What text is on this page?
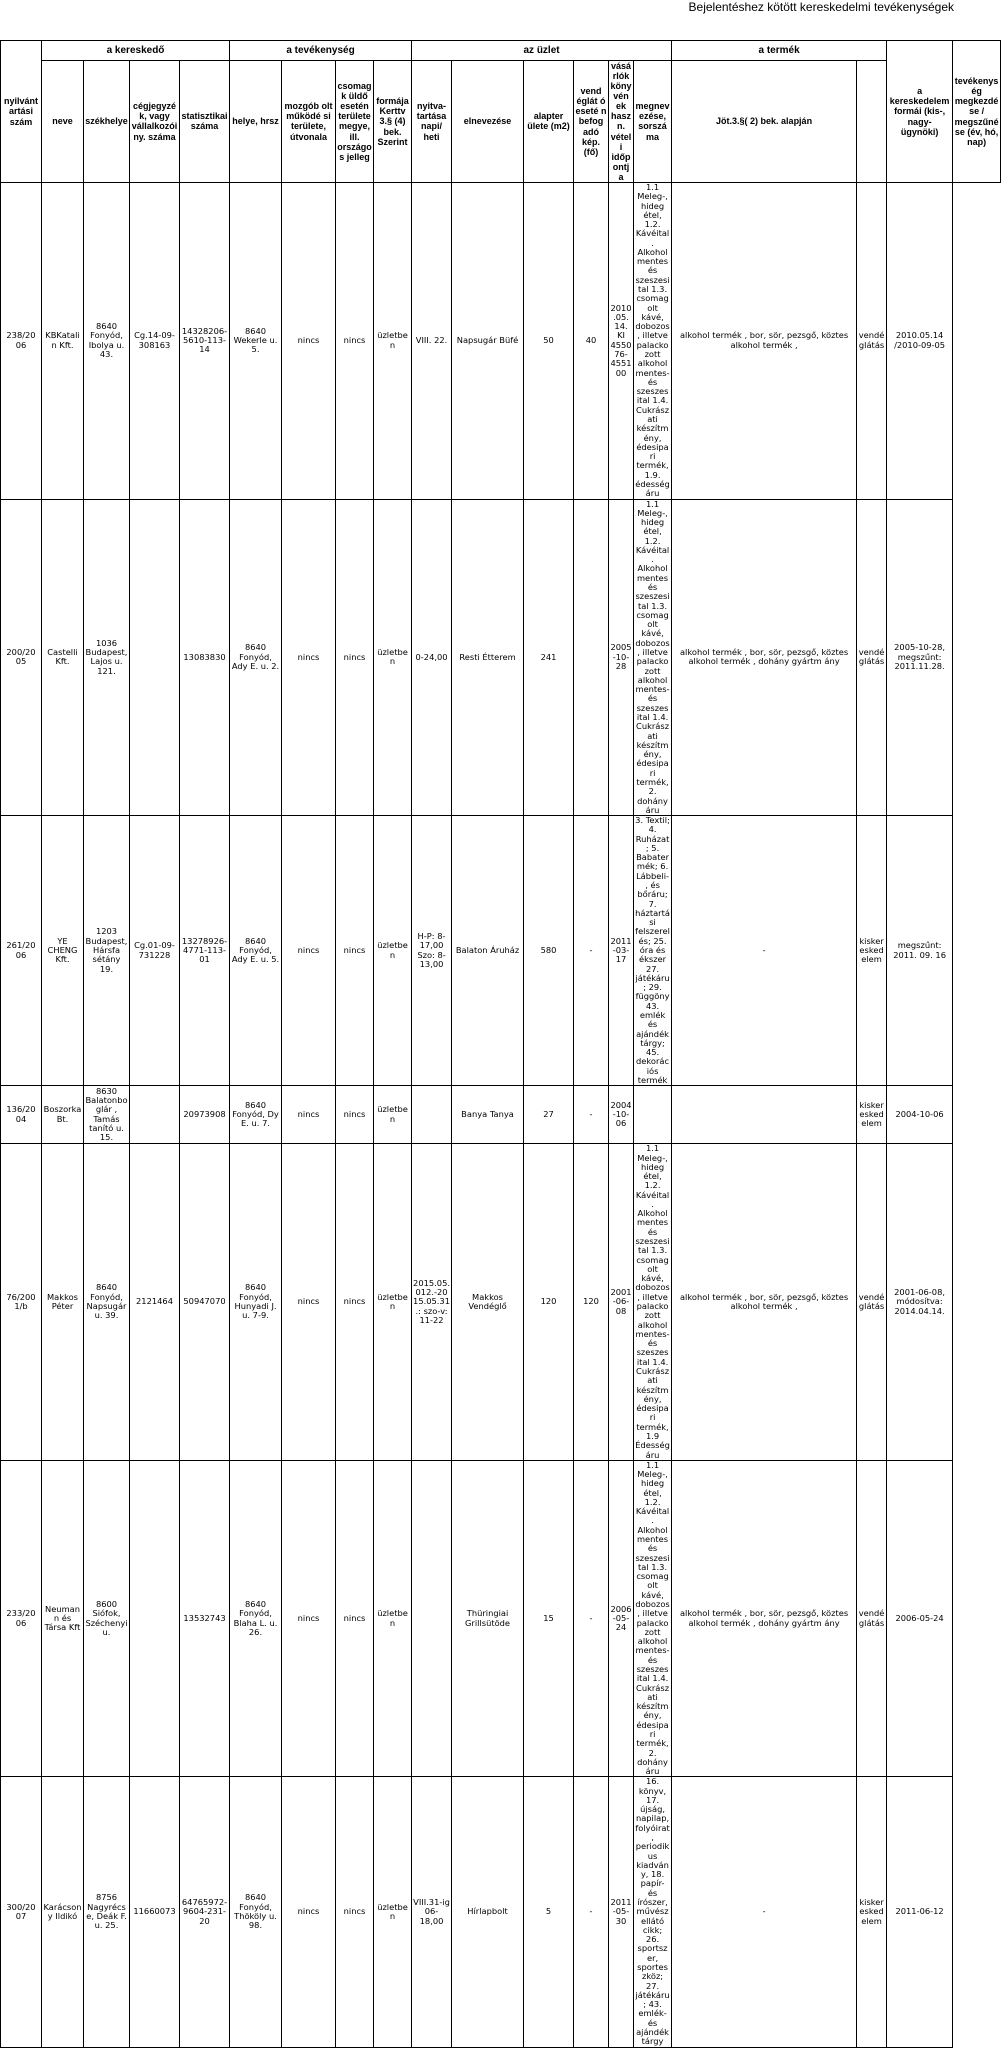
Bejelentéshez kötött kereskedelmi tevékenységek
nyilvánt artási szám	a kereskedő				a tevékenység				az üzlet						a termék		a kereskedelem formái (kis-, nagy- ügynöki)	tevékenys ég megkezdé se / megszűné se (év, hó, nap)
	neve	székhelye	cégjegyzék, vagy vállalkozói ny. száma	statisztikai száma	helye, hrsz	mozgób olt működé si területe, útvonala	csomagk üldő esetén területe megye, ill. országos jelleg	formája Kerttv 3.§ (4) bek. Szerint	nyitva-tartása napi/ heti	elnevezése	alapter ülete (m2)	vend églát ó eseté n befog adó kép. (fő)	vásárlók könyvén ek haszn. vételi időpontj a	megnevezése, sorszáma	Jöt.3.§( 2) bek. alapján			
238/20 06	KBKatalin Kft.	8640 Fonyód, Ibolya u. 43.	Cg.14-09-308163	14328206-5610-113-14	8640 Wekerle u. 5.	nincs	nincs	üzletben	VIII. 22.	Napsugár Büfé	50	40	2010.05. 14. KI 455076-455100	1.1 Meleg-, hideg étel, 1.2. Kávéital. Alkoholmentes és szeszesital 1.3. csomagolt kávé, dobozos, illetve palackozott alkoholmentes- és szeszes ital 1.4. Cukrászati készítmény, édesipari termék, 1.9. édességáru	alkohol termék , bor, sör, pezsgő, köztes alkohol termék ,	vendéglátás	2010.05.14 /2010-09-05	
200/20 05	Castelli Kft.	1036 Budapest, Lajos u. 121.		13083830	8640 Fonyód, Ady E. u. 2.	nincs	nincs	üzletben	0-24,00	Resti Étterem	241		2005-10-28	1.1 Meleg-, hideg étel, 1.2. Kávéital. Alkoholmentes és szeszesital 1.3. csomagolt kávé, dobozos, illetve palackozott alkoholmentes- és szeszes ital 1.4. Cukrászati készítmény, édesipari termék, 2. dohányáru	alkohol termék , bor, sör, pezsgő, köztes alkohol termék , dohány gyártm ány	vendéglátás	2005-10-28, megszűnt: 2011.11.28.	
261/20 06	YE CHENG Kft.	1203 Budapest, Hársfa sétány 19.	Cg.01-09-731228	13278926-4771-113-01	8640 Fonyód, Ady E. u. 5.	nincs	nincs	üzletben	H-P: 8-17,00 Szo: 8-13,00	Balaton Áruház	580	-	2011-03-17	3. Textil; 4. Ruházat; 5. Babatermék; 6. Lábbeli-, és bőráru; 7. háztartási felszerelés; 25. óra és ékszer 27. játékáru; 29. függöny 43. emlék és ajándéktárgy; 45. dekorációs termék	-	kiskereskedelem	megszűnt: 2011. 09. 16	
136/20 04	Boszorka Bt.	8630 Balatonboglár , Tamás tanító u. 15.		20973908	8640 Fonyód, Dy E. u. 7.	nincs	nincs	üzletben		Banya Tanya	27	-	2004-10-06			kiskereskedelem	2004-10-06	
76/200 1/b	Makkos Péter	8640 Fonyód, Napsugár u. 39.	2121464	50947070	8640 Fonyód, Hunyadi J. u. 7-9.	nincs	nincs	üzletben	2015.05.012.-2015.05.31.: szo-v: 11-22	Makkos Vendéglő	120	120	2001-06-08	1.1 Meleg-, hideg étel, 1.2. Kávéital. Alkoholmentes és szeszesital 1.3. csomagolt kávé, dobozos, illetve palackozott alkoholmentes- és szeszes ital 1.4. Cukrászati készítmény, édesipari termék, 1.9 Édességáru	alkohol termék , bor, sör, pezsgő, köztes alkohol termék ,	vendéglátás	2001-06-08, módosítva: 2014.04.14.	
233/20 06	Neumann és Társa Kft	8600 Siófok, Széchenyi u.		13532743	8640 Fonyód, Blaha L. u. 26.	nincs	nincs	üzletben		Thüringiai Grillsütöde	15	-	2006-05-24	1.1 Meleg-, hideg étel, 1.2. Kávéital. Alkoholmentes és szeszesital 1.3. csomagolt kávé, dobozos, illetve palackozott alkoholmentes- és szeszes ital 1.4. Cukrászati készítmény, édesipari termék, 2. dohányáru	alkohol termék , bor, sör, pezsgő, köztes alkohol termék , dohány gyártm ány	vendéglátás	2006-05-24	
300/20 07	Karácsony Ildikó	8756 Nagyrécse, Deák F. u. 25.	11660073	64765972-9604-231-20	8640 Fonyód, Thököly u. 98.	nincs	nincs	üzletben	VIII.31-ig 06-18,00	Hírlapbolt	5	-	2011-05-30	16. könyv, 17. újság, napilap, folyóirat, periodikus kiadvány, 18. papír- és írószer, művészellátó cikk; 26. sportszer, sporteszköz; 27. játékáru; 43. emlék- és ajándéktárgy	-	kiskereskedelem	2011-06-12	
